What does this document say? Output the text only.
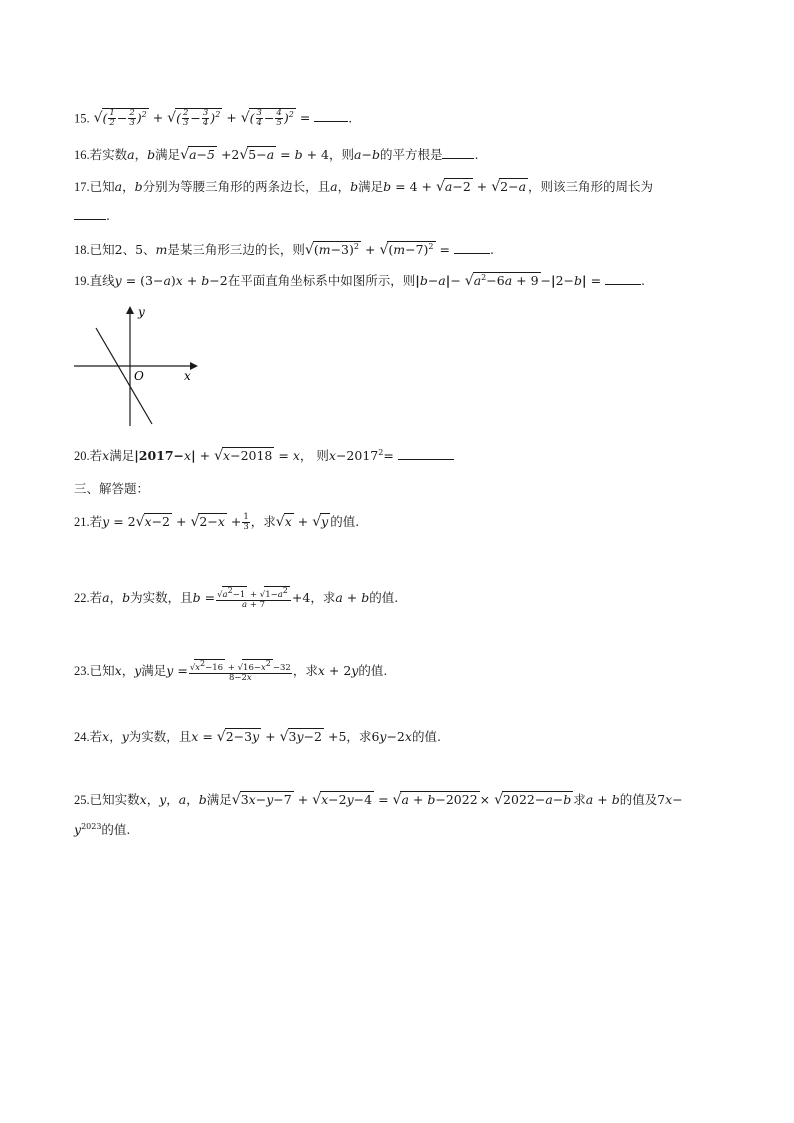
15. √( $\frac{1}{2} - \frac{2}{3} )^2$ + √( $\frac{2}{3} - \frac{3}{4} )^2$ + √( $\frac{3}{4} - \frac{4}{5} )^2$ =	.
16.若实数a，b满足√a−5 +2√5−a = b + 4，则a−b的平方根是	.
17.已知a，b分别为等腰三角形的两条边长，且a，b满足b = 4 + √a−2 + √2−a ，则该三角形的周长为
.
18.已知2、5、m是某三角形三边的长，则$√(m-3)^2 + √(m-7)^2$ =	.
19.直线y = (3−a)x + b−2在平面直角坐标系中如图所示，则$|b-a|- √a^2-6a + 9 -|2-b|$ =	.
y
x
O
20.若x满足|2017−x| + √x−2018 = x， 则$x-2017^2=$
三、解答题：
21.若$y = 2√x-2 + √2-x + \frac{1}{3}$ ，求√x + √y 的值.
22.若a，b为实数，且$b = \frac{√a^2-1 + √1-a^2}{a + 7} +4$，求a + b的值.
23.已知x，y满足$y = \frac{√x^2-16 + √16-x^2 -32}{8-2x}$ ，求x + 2y的值.
24.若x，y为实数，且x = √2−3y + √3y−2 +5，求6y−2x的值.
25.已知实数x，y，a，b满足√3x−y−7 + √x−2y−4 = √a + b−2022 × √2022−a−b 求a + b的值及7x−
$y^{2023}$的值.
